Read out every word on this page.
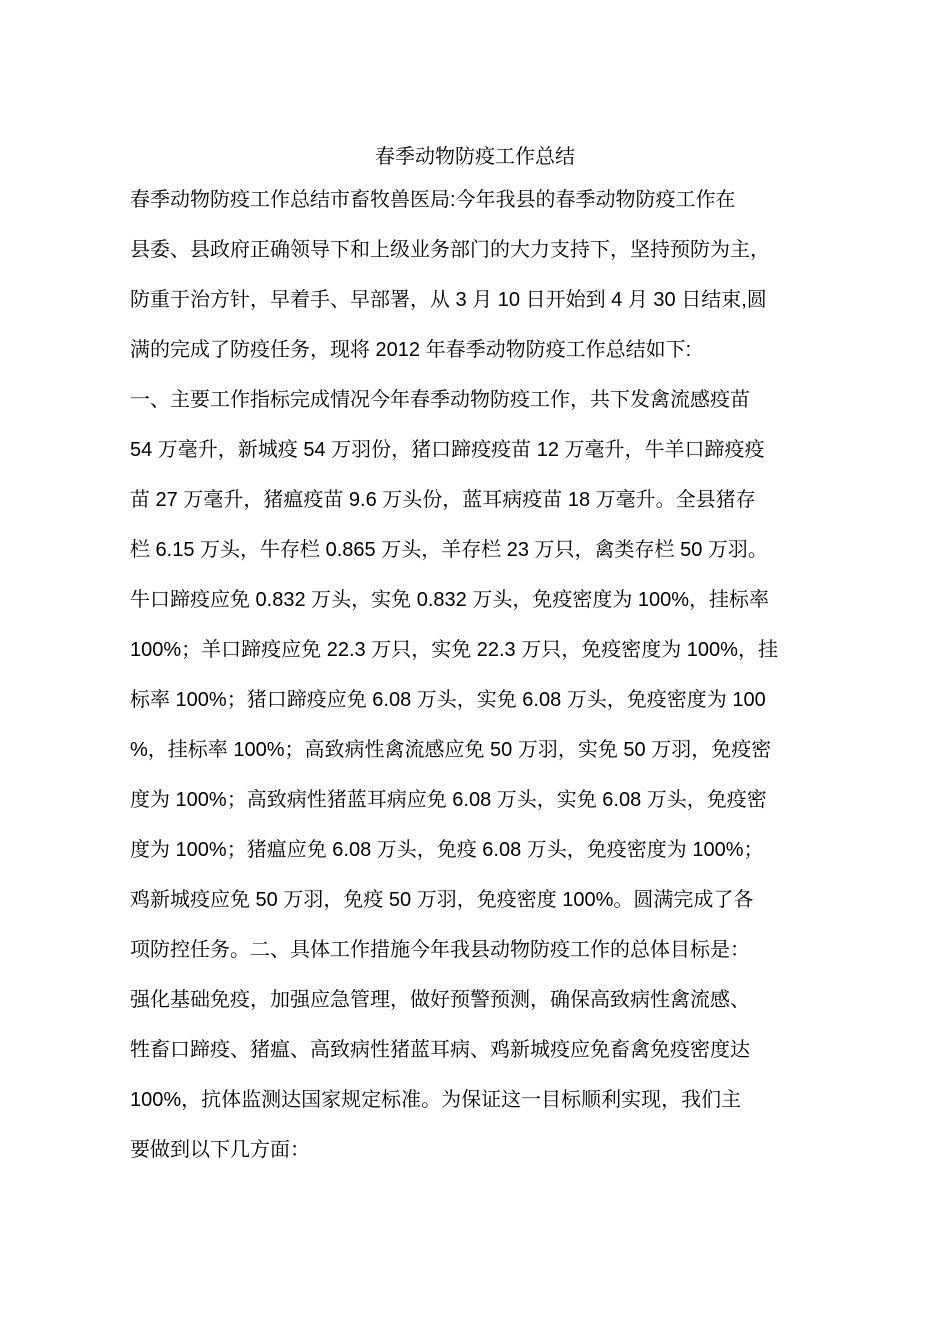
春季动物防疫工作总结
春季动物防疫工作总结市畜牧兽医局:今年我县的春季动物防疫工作在
县委、县政府正确领导下和上级业务部门的大力支持下，坚持预防为主，
防重于治方针，早着手、早部署，从 3 月 10 日开始到 4 月 30 日结束,圆
满的完成了防疫任务，现将 2012 年春季动物防疫工作总结如下:
一、主要工作指标完成情况今年春季动物防疫工作，共下发禽流感疫苗
54 万毫升，新城疫 54 万羽份，猪口蹄疫疫苗 12 万毫升，牛羊口蹄疫疫
苗 27 万毫升，猪瘟疫苗 9.6 万头份，蓝耳病疫苗 18 万毫升。全县猪存
栏 6.15 万头，牛存栏 0.865 万头，羊存栏 23 万只，禽类存栏 50 万羽。
牛口蹄疫应免 0.832 万头，实免 0.832 万头，免疫密度为 100%，挂标率
100%；羊口蹄疫应免 22.3 万只，实免 22.3 万只，免疫密度为 100%，挂
标率 100%；猪口蹄疫应免 6.08 万头，实免 6.08 万头，免疫密度为 100
%，挂标率 100%；高致病性禽流感应免 50 万羽，实免 50 万羽，免疫密
度为 100%；高致病性猪蓝耳病应免 6.08 万头，实免 6.08 万头，免疫密
度为 100%；猪瘟应免 6.08 万头，免疫 6.08 万头，免疫密度为 100%；
鸡新城疫应免 50 万羽，免疫 50 万羽，免疫密度 100%。圆满完成了各
项防控任务。二、具体工作措施今年我县动物防疫工作的总体目标是：
强化基础免疫，加强应急管理，做好预警预测，确保高致病性禽流感、
牲畜口蹄疫、猪瘟、高致病性猪蓝耳病、鸡新城疫应免畜禽免疫密度达
100%，抗体监测达国家规定标准。为保证这一目标顺利实现，我们主
要做到以下几方面：
